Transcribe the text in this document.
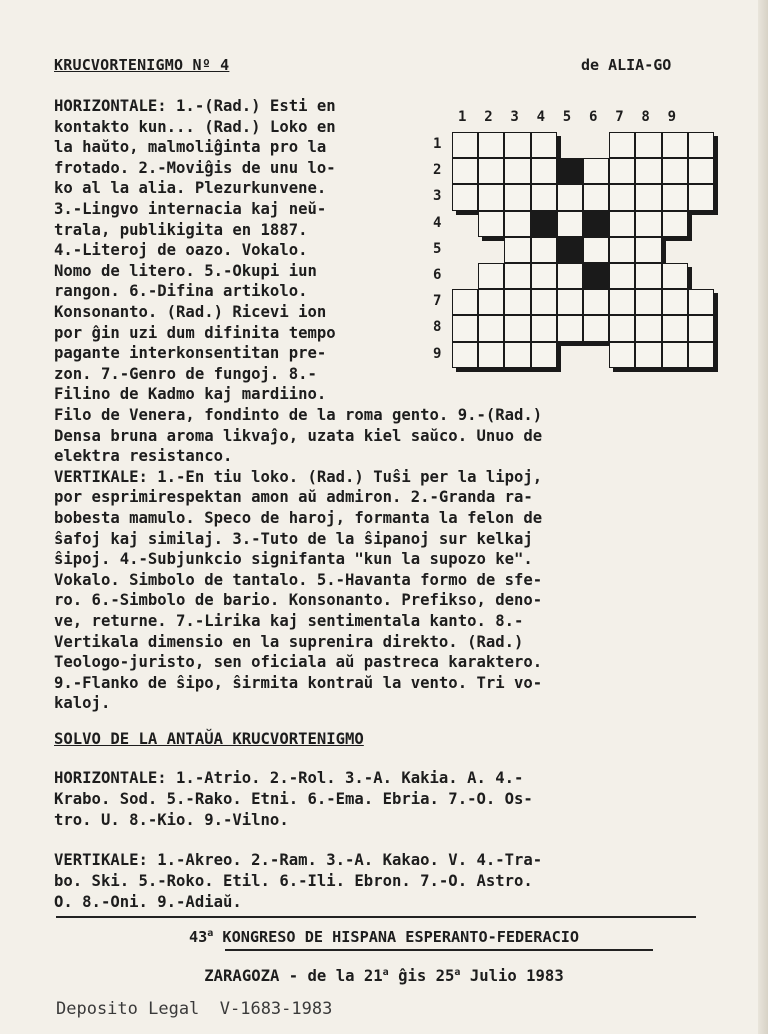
KRUCVORTENIGMO Nº 4	de ALIA-GO
HORIZONTALE: 1.-(Rad.) Esti en
kontakto kun... (Rad.) Loko en
la haŭto, malmoliĝinta pro la
frotado. 2.-Moviĝis de unu lo-
ko al la alia. Plezurkunvene.
3.-Lingvo internacia kaj neŭ-
trala, publikigita en 1887.
4.-Literoj de oazo. Vokalo.
Nomo de litero. 5.-Okupi iun
rangon. 6.-Difina artikolo.
Konsonanto. (Rad.) Ricevi ion
por ĝin uzi dum difinita tempo
pagante interkonsentitan pre-
zon. 7.-Genro de fungoj. 8.-
Filino de Kadmo kaj mardiino.
Filo de Venera, fondinto de la roma gento. 9.-(Rad.)
Densa bruna aroma likvaĵo, uzata kiel saŭco. Unuo de
elektra resistanco.
VERTIKALE: 1.-En tiu loko. (Rad.) Tuŝi per la lipoj,
por esprimirespektan amon aŭ admiron. 2.-Granda ra-
bobesta mamulo. Speco de haroj, formanta la felon de
ŝafoj kaj similaj. 3.-Tuto de la ŝipanoj sur kelkaj
ŝipoj. 4.-Subjunkcio signifanta "kun la supozo ke".
Vokalo. Simbolo de tantalo. 5.-Havanta formo de sfe-
ro. 6.-Simbolo de bario. Konsonanto. Prefikso, deno-
ve, returne. 7.-Lirika kaj sentimentala kanto. 8.-
Vertikala dimensio en la suprenira direkto. (Rad.)
Teologo-juristo, sen oficiala aŭ pastreca karaktero.
9.-Flanko de ŝipo, ŝirmita kontraŭ la vento. Tri vo-
kaloj.
1 2 3 4 5 6 7 8 9
1
2
3
4
5
6
7
8
9
SOLVO DE LA ANTAŬA KRUCVORTENIGMO
HORIZONTALE: 1.-Atrio. 2.-Rol. 3.-A. Kakia. A. 4.-
Krabo. Sod. 5.-Rako. Etni. 6.-Ema. Ebria. 7.-O. Os-
tro. U. 8.-Kio. 9.-Vilno.
VERTIKALE: 1.-Akreo. 2.-Ram. 3.-A. Kakao. V. 4.-Tra-
bo. Ski. 5.-Roko. Etil. 6.-Ili. Ebron. 7.-O. Astro.
O. 8.-Oni. 9.-Adiaŭ.
43$^a$ KONGRESO DE HISPANA ESPERANTO-FEDERACIO
ZARAGOZA - de la 21$^a$ ĝis 25$^a$ Julio 1983
Deposito Legal  V-1683-1983
